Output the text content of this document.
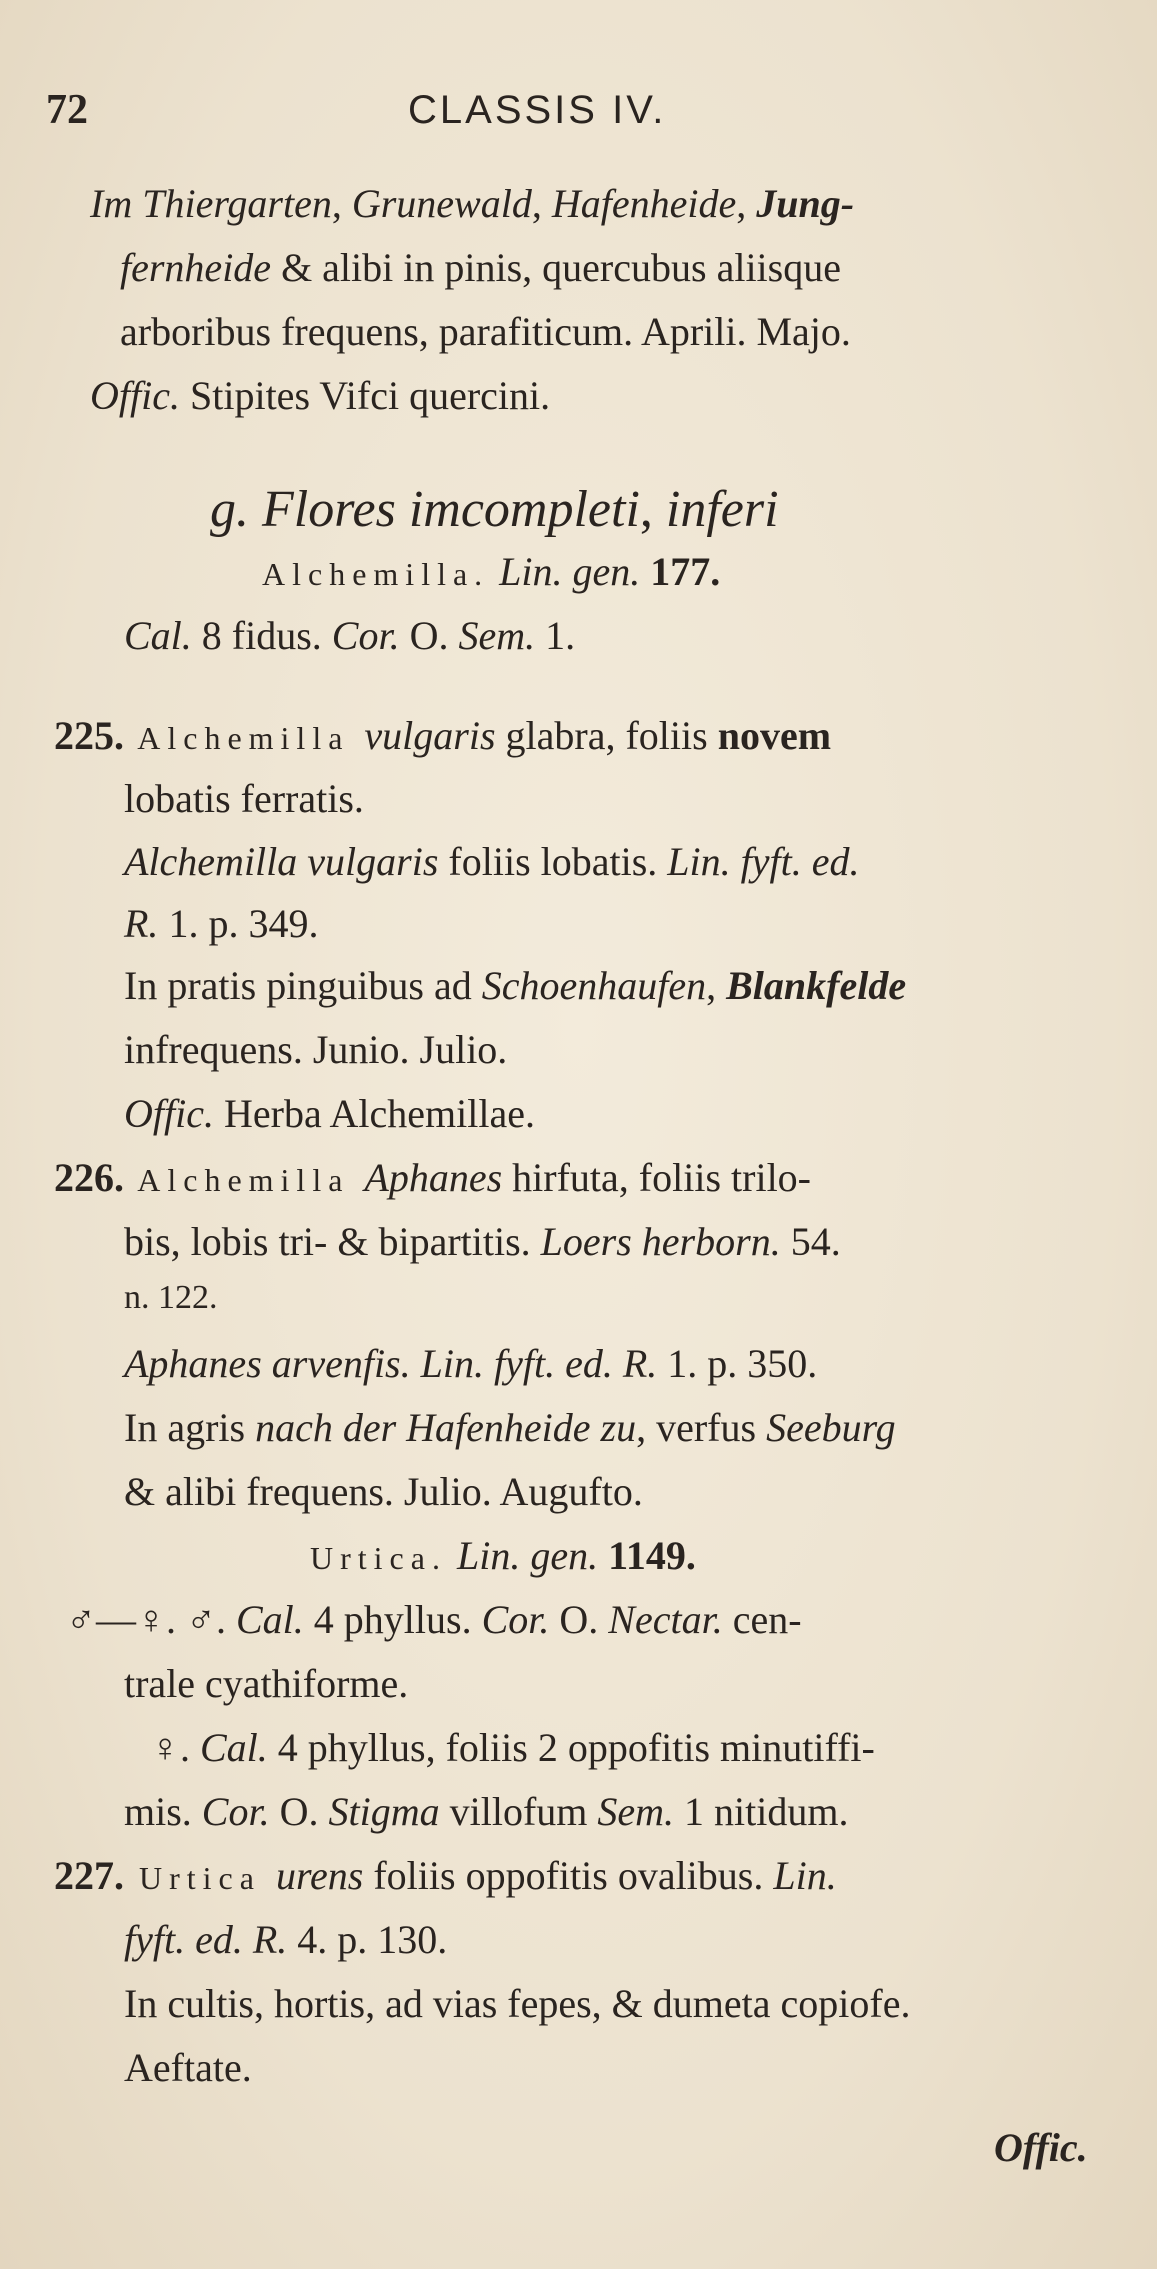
72	CLASSIS IV.
Im Thiergarten, Grunewald, Hafenheide, Jung-
fernheide & alibi in pinis, quercubus aliisque
arboribus frequens, parafiticum. Aprili. Majo.
Offic. Stipites Vifci quercini.
g. Flores imcompleti, inferi
Alchemilla. Lin. gen. 177.
Cal. 8 fidus. Cor. O. Sem. 1.
225. Alchemilla vulgaris glabra, foliis novem
lobatis ferratis.
Alchemilla vulgaris foliis lobatis. Lin. fyft. ed.
R. 1. p. 349.
In pratis pinguibus ad Schoenhaufen, Blankfelde
infrequens. Junio. Julio.
Offic. Herba Alchemillae.
226. Alchemilla Aphanes hirfuta, foliis trilo-
bis, lobis tri- & bipartitis. Loers herborn. 54.
n. 122.
Aphanes arvenfis. Lin. fyft. ed. R. 1. p. 350.
In agris nach der Hafenheide zu, verfus Seeburg
& alibi frequens. Julio. Augufto.
Urtica. Lin. gen. 1149.
♂—♀. ♂. Cal. 4 phyllus. Cor. O. Nectar. cen-
trale cyathiforme.
♀. Cal. 4 phyllus, foliis 2 oppofitis minutiffi-
mis. Cor. O. Stigma villofum Sem. 1 nitidum.
227. Urtica urens foliis oppofitis ovalibus. Lin.
fyft. ed. R. 4. p. 130.
In cultis, hortis, ad vias fepes, & dumeta copiofe.
Aeftate.
Offic.
